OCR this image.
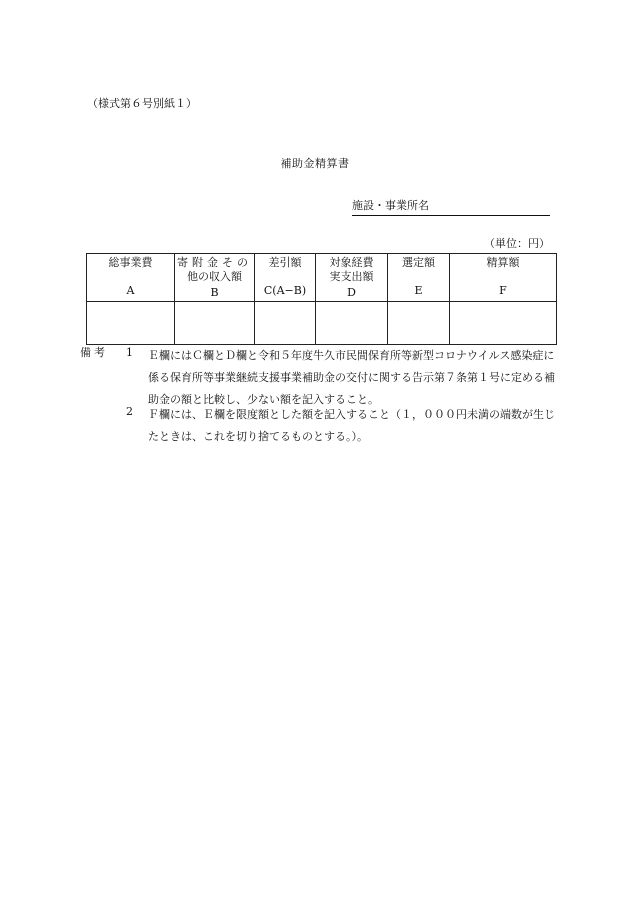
（様式第６号別紙１）
補助金精算書
施設・事業所名
（単位：円）
総事業費
A	寄附金その
他の収入額
B	差引額
C(A−B)	対象経費
実支出額
D	選定額
E	精算額
F

備考 1 Ｅ欄にはＣ欄とＤ欄と令和５年度牛久市民間保育所等新型コロナウイルス感染症に係る保育所等事業継続支援事業補助金の交付に関する告示第７条第１号に定める補助金の額と比較し、少ない額を記入すること。
2 Ｆ欄には、Ｅ欄を限度額とした額を記入すること（１，０００円未満の端数が生じたときは、これを切り捨てるものとする。）。
